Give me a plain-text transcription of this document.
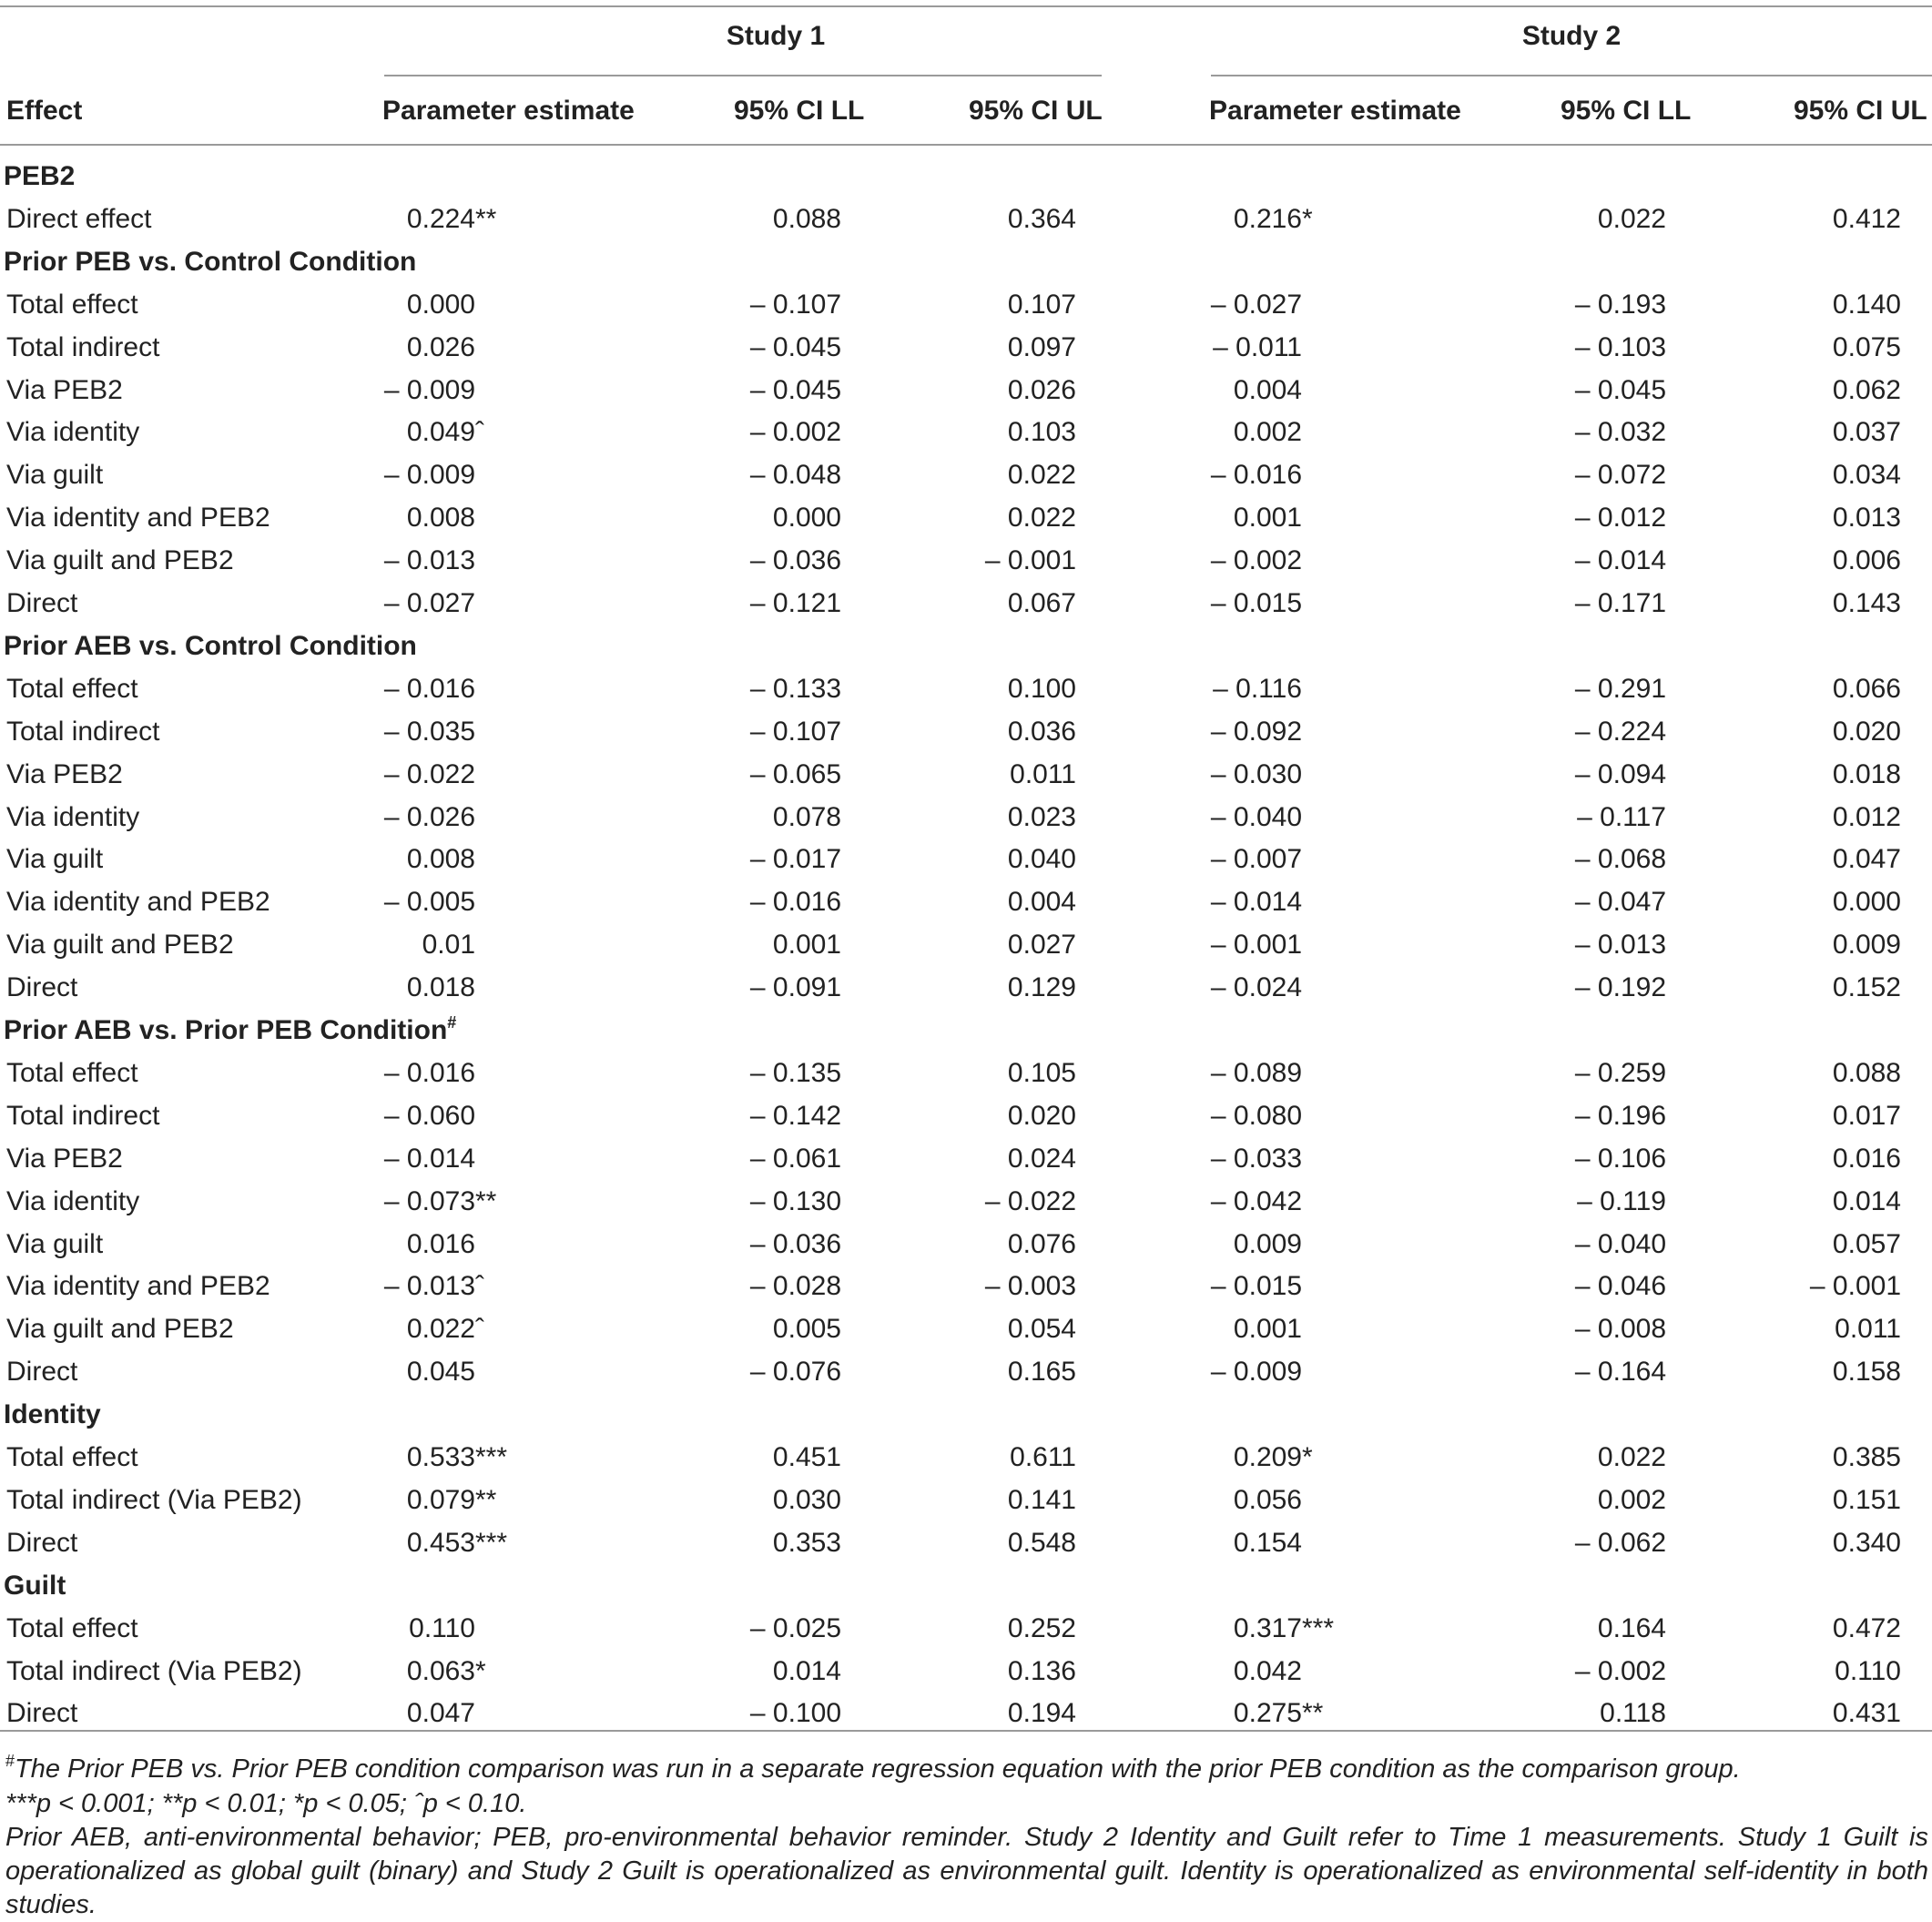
Study 1	Study 2
Effect	Parameter estimate	95% CI LL	95% CI UL	Parameter estimate	95% CI LL	95% CI UL
PEB2
Direct effect	0.224 **	0.088	0.364	0.216 *	0.022	0.412
Prior PEB vs. Control Condition
Total effect	0.000	– 0.107	0.107	– 0.027	– 0.193	0.140
Total indirect	0.026	– 0.045	0.097	– 0.011	– 0.103	0.075
Via PEB2	– 0.009	– 0.045	0.026	0.004	– 0.045	0.062
Via identity	0.049 ˆ	– 0.002	0.103	0.002	– 0.032	0.037
Via guilt	– 0.009	– 0.048	0.022	– 0.016	– 0.072	0.034
Via identity and PEB2	0.008	0.000	0.022	0.001	– 0.012	0.013
Via guilt and PEB2	– 0.013	– 0.036	– 0.001	– 0.002	– 0.014	0.006
Direct	– 0.027	– 0.121	0.067	– 0.015	– 0.171	0.143
Prior AEB vs. Control Condition
Total effect	– 0.016	– 0.133	0.100	– 0.116	– 0.291	0.066
Total indirect	– 0.035	– 0.107	0.036	– 0.092	– 0.224	0.020
Via PEB2	– 0.022	– 0.065	0.011	– 0.030	– 0.094	0.018
Via identity	– 0.026	0.078	0.023	– 0.040	– 0.117	0.012
Via guilt	0.008	– 0.017	0.040	– 0.007	– 0.068	0.047
Via identity and PEB2	– 0.005	– 0.016	0.004	– 0.014	– 0.047	0.000
Via guilt and PEB2	0.01	0.001	0.027	– 0.001	– 0.013	0.009
Direct	0.018	– 0.091	0.129	– 0.024	– 0.192	0.152
Prior AEB vs. Prior PEB Condition#
Total effect	– 0.016	– 0.135	0.105	– 0.089	– 0.259	0.088
Total indirect	– 0.060	– 0.142	0.020	– 0.080	– 0.196	0.017
Via PEB2	– 0.014	– 0.061	0.024	– 0.033	– 0.106	0.016
Via identity	– 0.073 **	– 0.130	– 0.022	– 0.042	– 0.119	0.014
Via guilt	0.016	– 0.036	0.076	0.009	– 0.040	0.057
Via identity and PEB2	– 0.013 ˆ	– 0.028	– 0.003	– 0.015	– 0.046	– 0.001
Via guilt and PEB2	0.022 ˆ	0.005	0.054	0.001	– 0.008	0.011
Direct	0.045	– 0.076	0.165	– 0.009	– 0.164	0.158
Identity
Total effect	0.533 ***	0.451	0.611	0.209 *	0.022	0.385
Total indirect (Via PEB2)	0.079 **	0.030	0.141	0.056	0.002	0.151
Direct	0.453 ***	0.353	0.548	0.154	– 0.062	0.340
Guilt
Total effect	0.110	– 0.025	0.252	0.317 ***	0.164	0.472
Total indirect (Via PEB2)	0.063 *	0.014	0.136	0.042	– 0.002	0.110
Direct	0.047	– 0.100	0.194	0.275 **	0.118	0.431
#The Prior PEB vs. Prior PEB condition comparison was run in a separate regression equation with the prior PEB condition as the comparison group.
***p < 0.001; **p < 0.01; *p < 0.05; ˆp < 0.10.
Prior AEB, anti-environmental behavior; PEB, pro-environmental behavior reminder. Study 2 Identity and Guilt refer to Time 1 measurements. Study 1 Guilt is operationalized as global guilt (binary) and Study 2 Guilt is operationalized as environmental guilt. Identity is operationalized as environmental self-identity in both studies.
